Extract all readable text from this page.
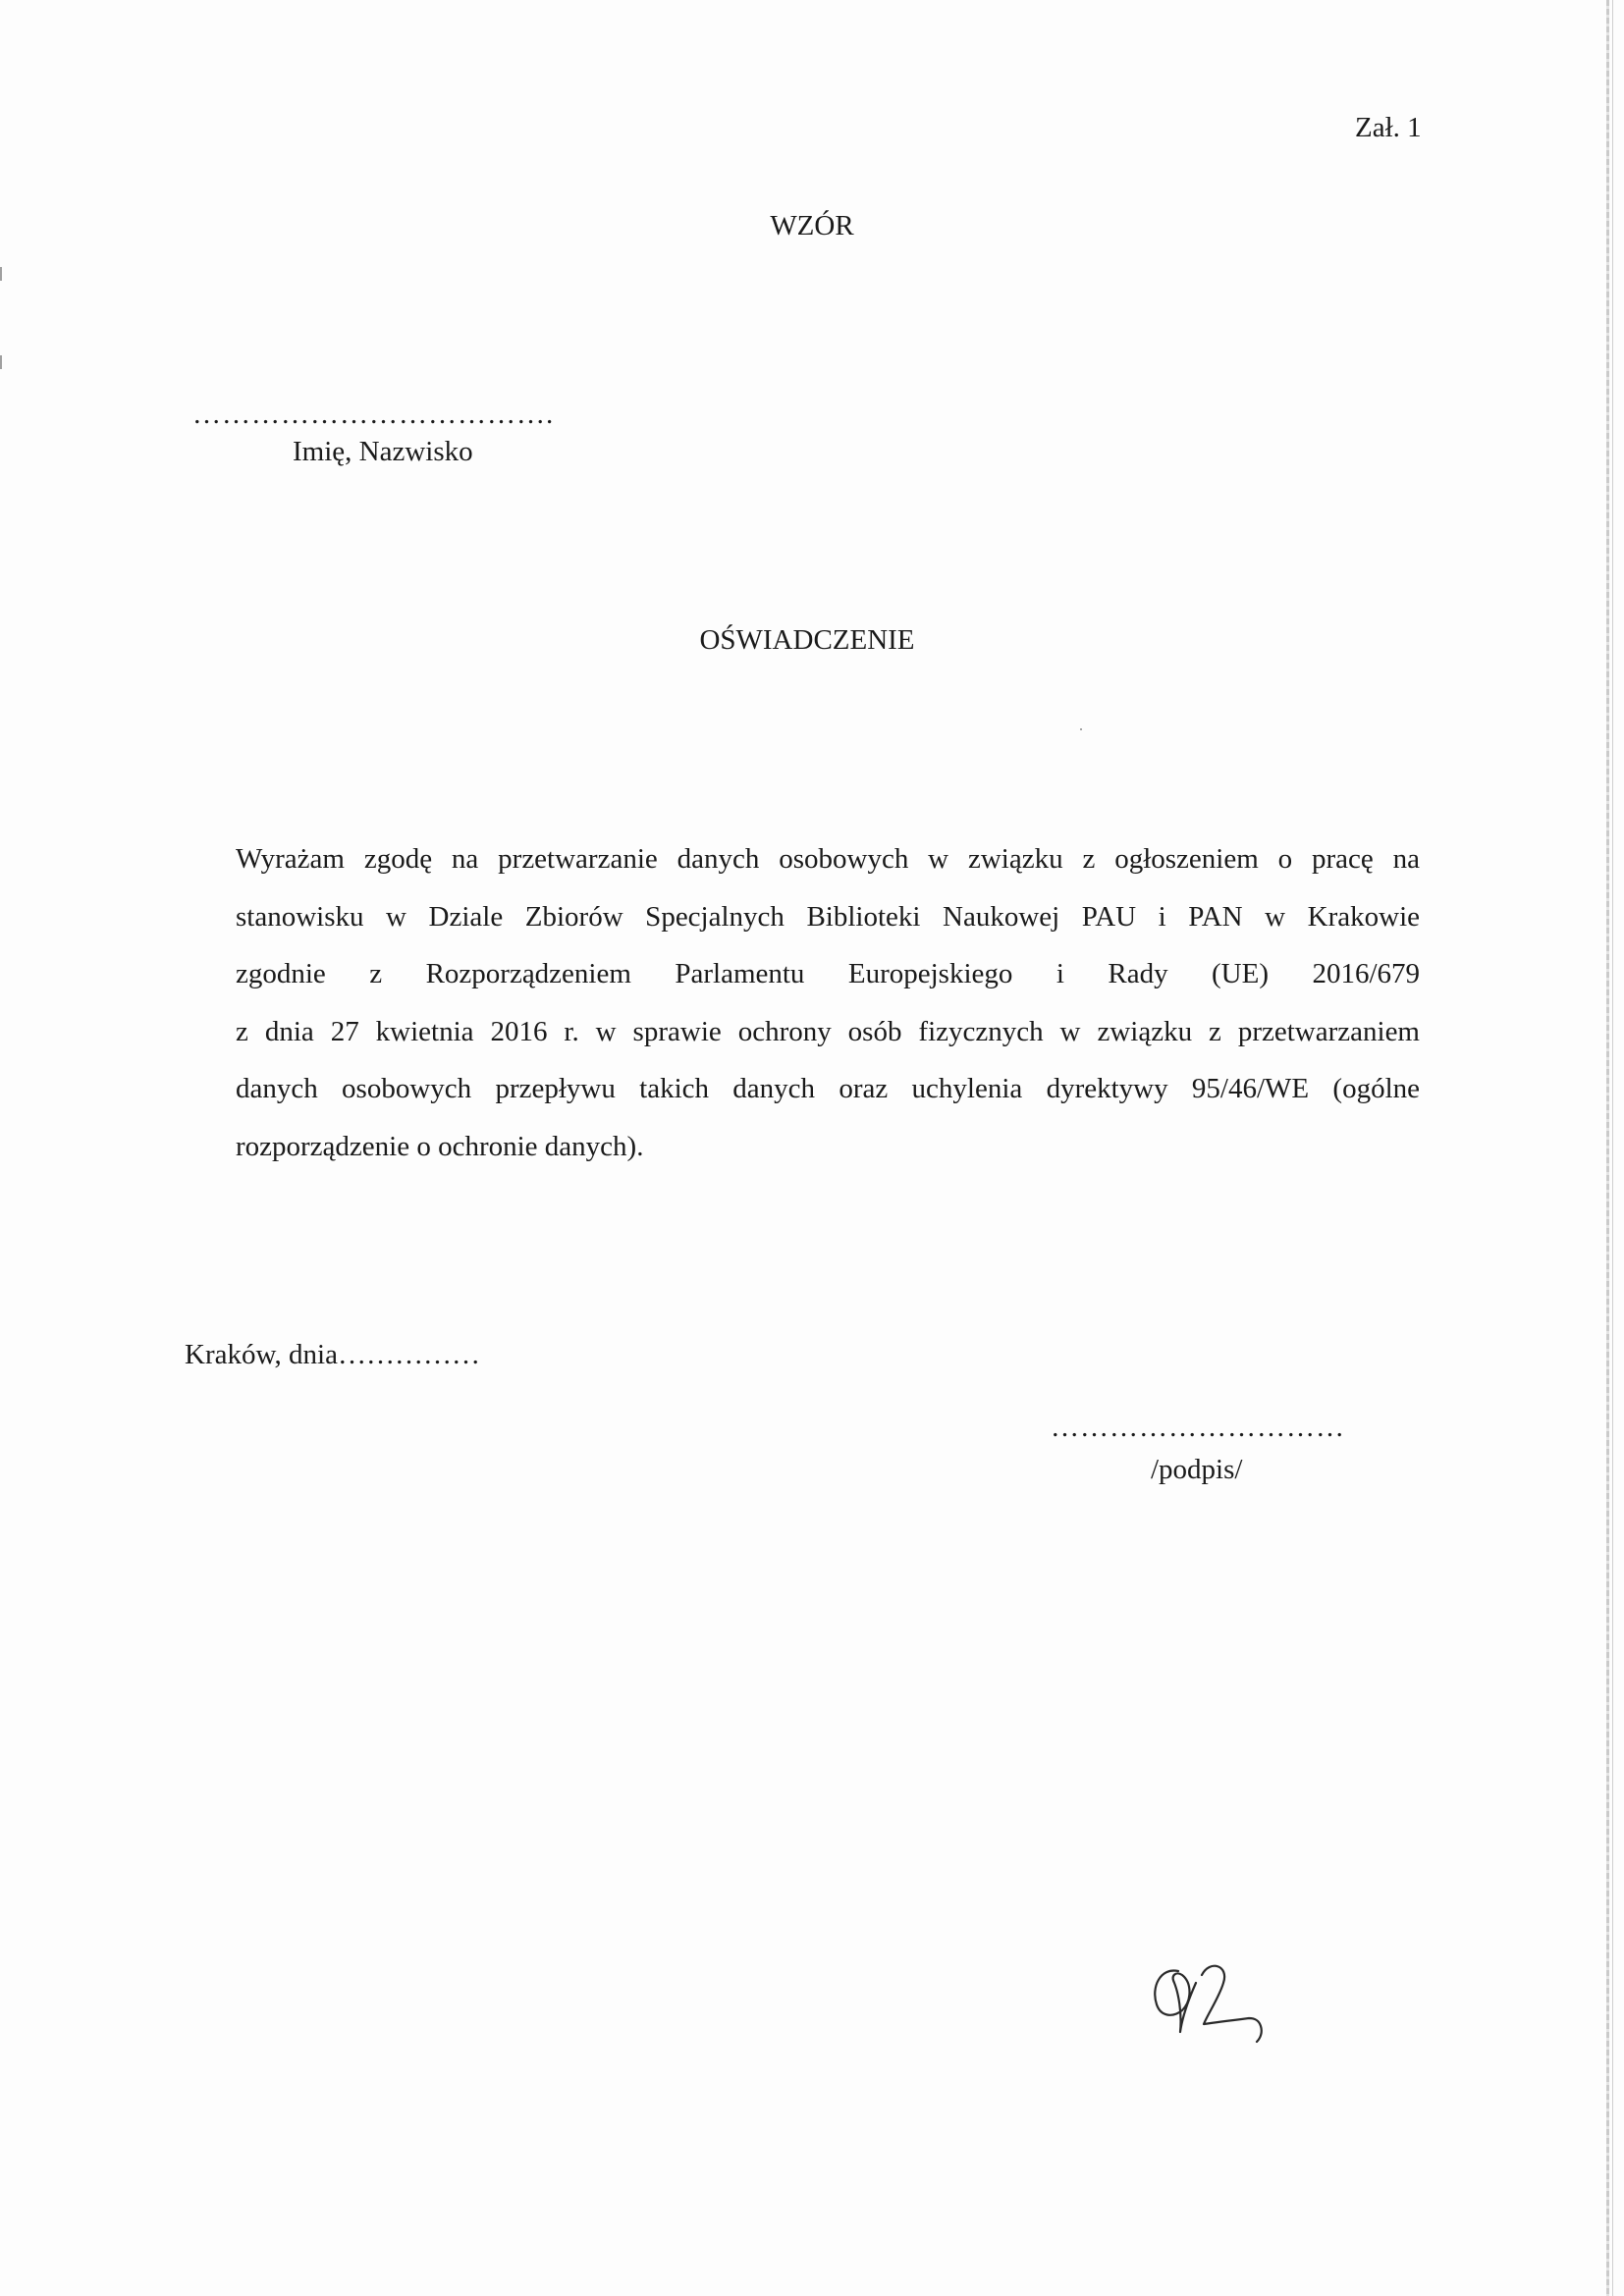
Zał. 1
WZÓR
……………………………….
Imię, Nazwisko
OŚWIADCZENIE
Wyrażam zgodę na przetwarzanie danych osobowych w związku z ogłoszeniem o pracę na
stanowisku w Dziale Zbiorów Specjalnych Biblioteki Naukowej PAU i PAN w Krakowie
zgodnie z Rozporządzeniem Parlamentu Europejskiego i Rady (UE) 2016/679
z dnia 27 kwietnia 2016 r. w sprawie ochrony osób fizycznych w związku z przetwarzaniem
danych osobowych przepływu takich danych oraz uchylenia dyrektywy 95/46/WE (ogólne
rozporządzenie o ochronie danych).
Kraków, dnia……………
…………………………
/podpis/
